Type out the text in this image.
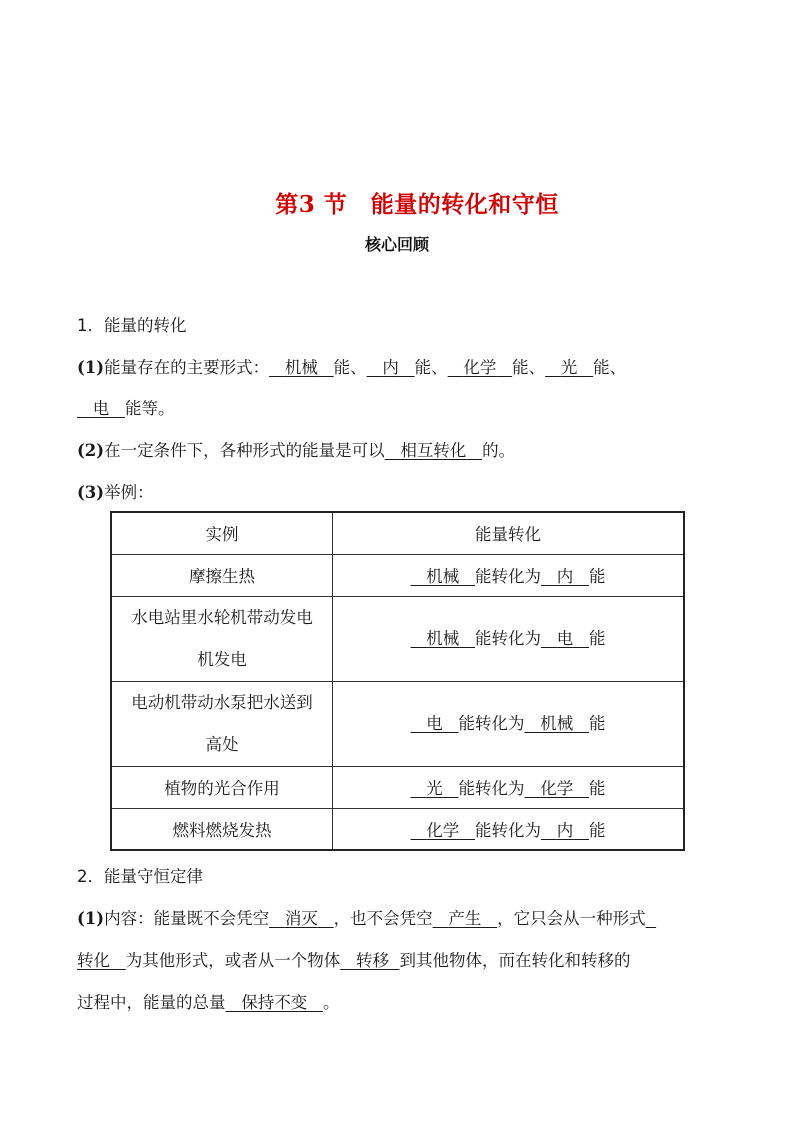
第3 节　能量的转化和守恒
核心回顾
1．能量的转化
(1)能量存在的主要形式： 机械 能、 内 能、 化学 能、 光 能、
电 能等。
(2)在一定条件下，各种形式的能量是可以 相互转化 的。
(3)举例：
实例	能量转化
摩擦生热	机械 能转化为 内 能
水电站里水轮机带动发电
机发电	机械 能转化为 电 能
电动机带动水泵把水送到
高处	电 能转化为 机械 能
植物的光合作用	光 能转化为 化学 能
燃料燃烧发热	化学 能转化为 内 能
2．能量守恒定律
(1)内容：能量既不会凭空 消灭 ，也不会凭空 产生 ，它只会从一种形式
转化 为其他形式，或者从一个物体 转移 到其他物体，而在转化和转移的
过程中，能量的总量 保持不变 。
